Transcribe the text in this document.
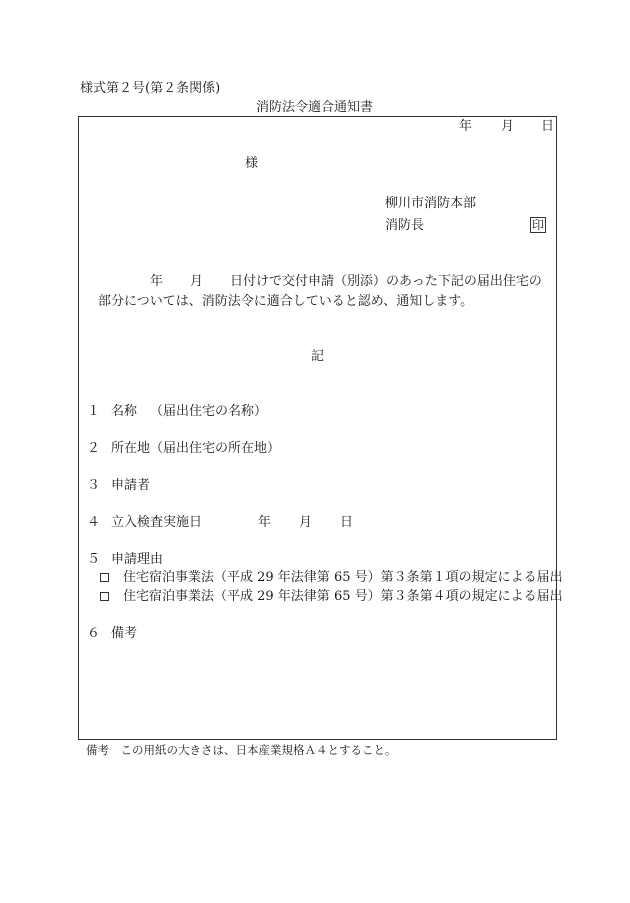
様式第２号(第２条関係)
消防法令適合通知書
年 月 日
様
柳川市消防本部
消防長	印
年 月 日付けで交付申請（別添）のあった下記の届出住宅の
部分については、消防法令に適合していると認め、通知します。
記
１ 名称 （届出住宅の名称）
２ 所在地（届出住宅の所在地）
３ 申請者
４ 立入検査実施日	年 月 日
５ 申請理由
住宅宿泊事業法（平成 29 年法律第 65 号）第３条第１項の規定による届出
住宅宿泊事業法（平成 29 年法律第 65 号）第３条第４項の規定による届出
６ 備考
備考　この用紙の大きさは、日本産業規格Ａ４とすること。
